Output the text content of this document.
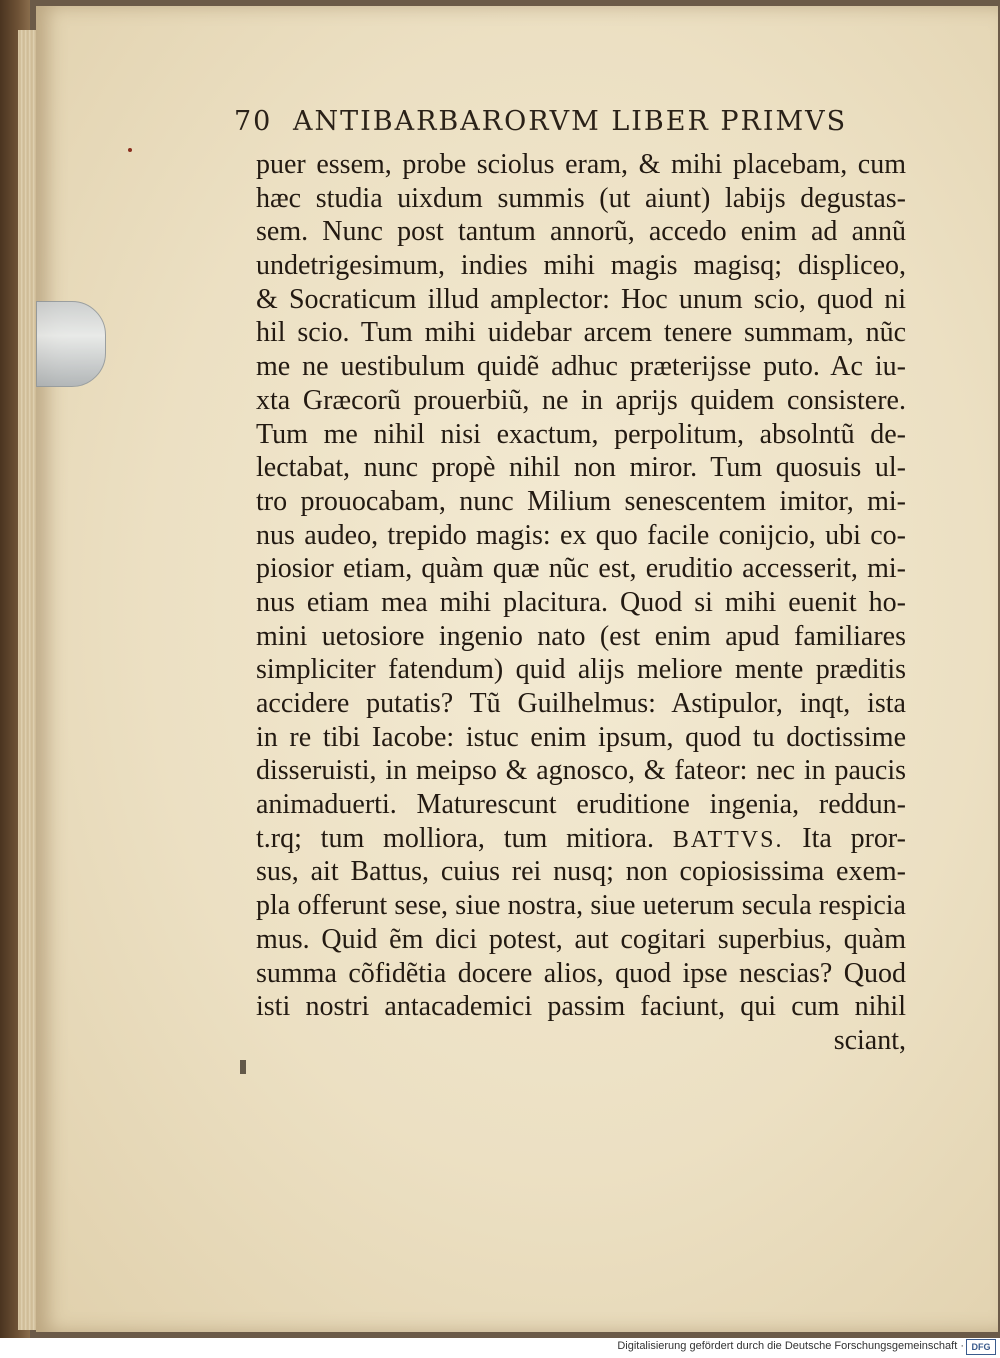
70 ANTIBARBARORVM LIBER PRIMVS
puer essem, probe sciolus eram, & mihi placebam, cum
hæc studia uixdum summis (ut aiunt) labijs degustas-
sem. Nunc post tantum annorũ, accedo enim ad annũ
undetrigesimum, indies mihi magis magisq; displiceo,
& Socraticum illud amplector: Hoc unum scio, quod ni
hil scio. Tum mihi uidebar arcem tenere summam, nũc
me ne uestibulum quidẽ adhuc præterijsse puto. Ac iu-
xta Græcorũ prouerbiũ, ne in aprijs quidem consistere.
Tum me nihil nisi exactum, perpolitum, absolntũ de-
lectabat, nunc propè nihil non miror. Tum quosuis ul-
tro prouocabam, nunc Milium senescentem imitor, mi-
nus audeo, trepido magis: ex quo facile conijcio, ubi co-
piosior etiam, quàm quæ nũc est, eruditio accesserit, mi-
nus etiam mea mihi placitura. Quod si mihi euenit ho-
mini uetosiore ingenio nato (est enim apud familiares
simpliciter fatendum) quid alijs meliore mente præditis
accidere putatis? Tũ Guilhelmus: Astipulor, inqt, ista
in re tibi Iacobe: istuc enim ipsum, quod tu doctissime
disseruisti, in meipso & agnosco, & fateor: nec in paucis
animaduerti. Maturescunt eruditione ingenia, reddun-
t.rq; tum molliora, tum mitiora. BATTVS. Ita pror-
sus, ait Battus, cuius rei nusq; non copiosissima exem-
pla offerunt sese, siue nostra, siue ueterum secula respicia
mus. Quid ẽm dici potest, aut cogitari superbius, quàm
summa cõfidẽtia docere alios, quod ipse nescias? Quod
isti nostri antacademici passim faciunt, qui cum nihil
sciant,
Digitalisierung gefördert durch die Deutsche Forschungsgemeinschaft · DFG
